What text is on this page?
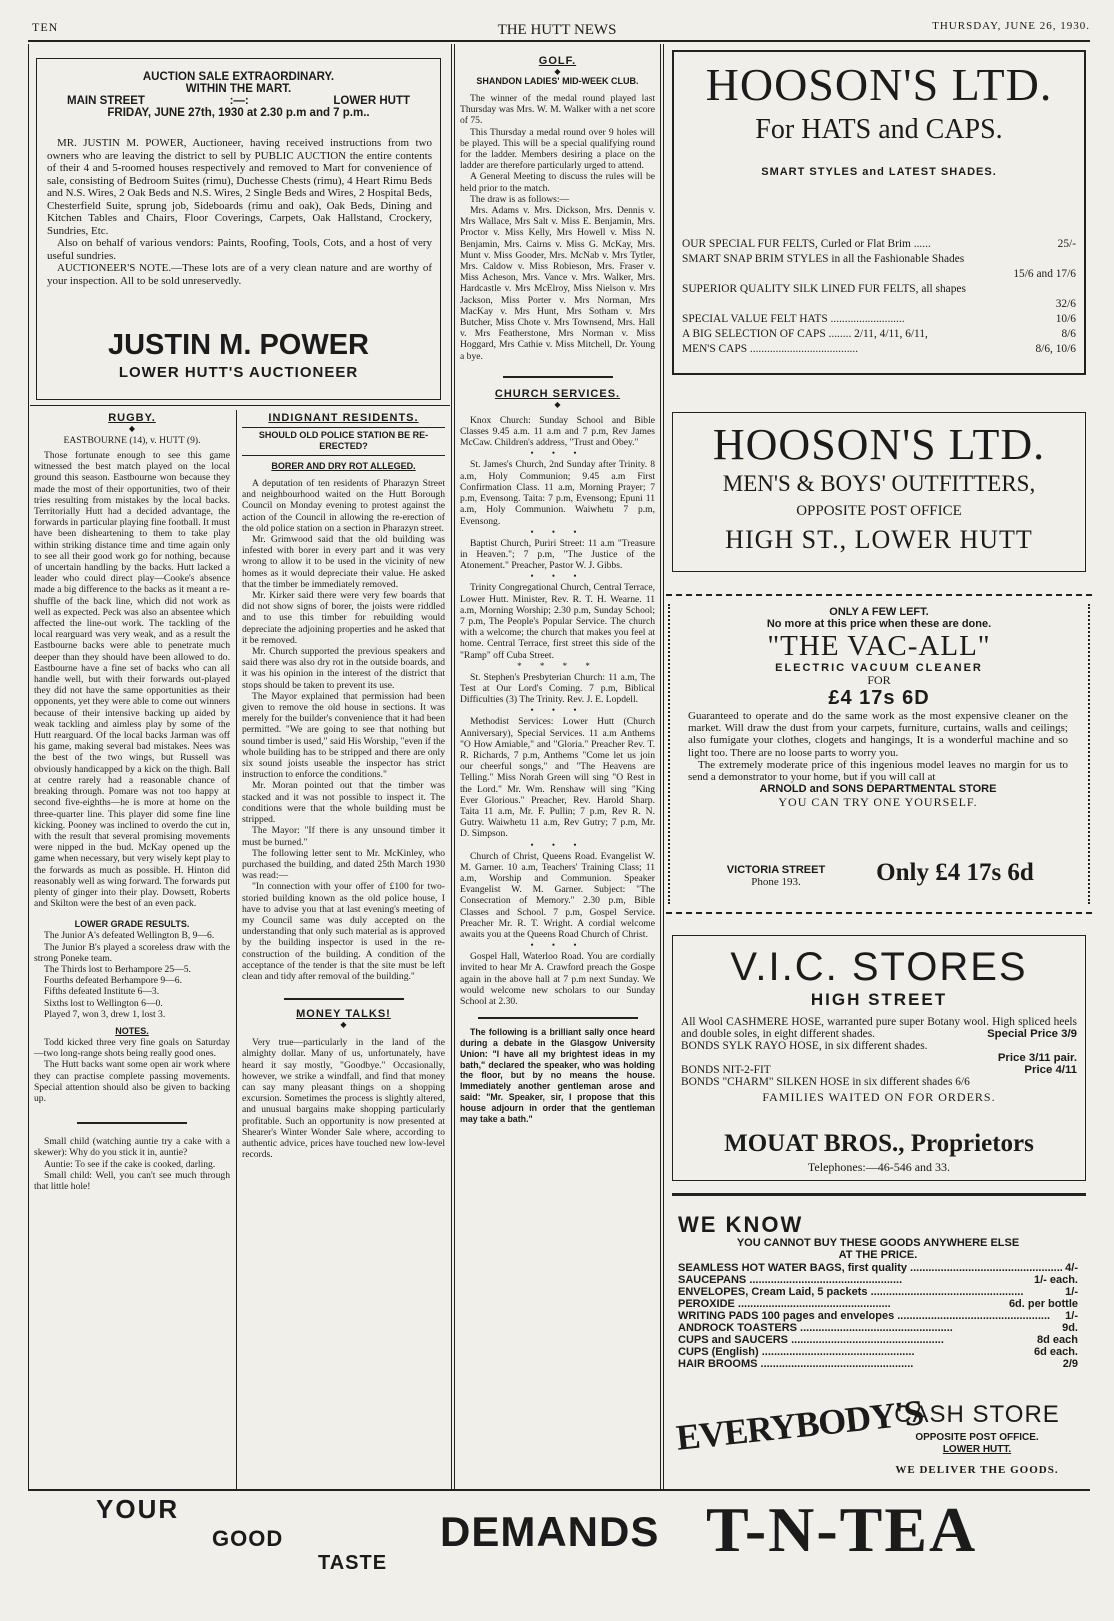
TEN	THE HUTT NEWS	THURSDAY, JUNE 26, 1930.
AUCTION SALE EXTRAORDINARY.
WITHIN THE MART.
MAIN STREET	:—:	LOWER HUTT
FRIDAY, JUNE 27th, 1930 at 2.30 p.m and 7 p.m..

MR. JUSTIN M. POWER, Auctioneer, having received instructions from two owners who are leaving the district to sell by PUBLIC AUCTION the entire contents of their 4 and 5-roomed houses respectively and removed to Mart for convenience of sale, consisting of Bedroom Suites (rimu), Duchesse Chests (rimu), 4 Heart Rimu Beds and N.S. Wires, 2 Oak Beds and N.S. Wires, 2 Single Beds and Wires, 2 Hospital Beds, Chesterfield Suite, sprung job, Sideboards (rimu and oak), Oak Beds, Dining and Kitchen Tables and Chairs, Floor Coverings, Carpets, Oak Hallstand, Crockery, Sundries, Etc.

Also on behalf of various vendors: Paints, Roofing, Tools, Cots, and a host of very useful sundries.

AUCTIONEER'S NOTE.—These lots are of a very clean nature and are worthy of your inspection. All to be sold unreservedly.

JUSTIN M. POWER
LOWER HUTT'S AUCTIONEER
RUGBY.
◆
EASTBOURNE (14), v. HUTT (9).

Those fortunate enough to see this game witnessed the best match played on the local ground this season. Eastbourne won because they made the most of their opportunities, two of their tries resulting from mistakes by the local backs. Territorially Hutt had a decided advantage, the forwards in particular playing fine football. It must have been disheartening to them to take play within striking distance time and time again only to see all their good work go for nothing, because of uncertain handling by the backs. Hutt lacked a leader who could direct play—Cooke's absence made a big difference to the backs as it meant a re-shuffle of the back line, which did not work as well as expected. Peck was also an absentee which affected the line-out work. The tackling of the local rearguard was very weak, and as a result the Eastbourne backs were able to penetrate much deeper than they should have been allowed to do. Eastbourne have a fine set of backs who can all handle well, but with their forwards out-played they did not have the same opportunities as their opponents, yet they were able to come out winners because of their intensive backing up aided by weak tackling and aimless play by some of the Hutt rearguard. Of the local backs Jarman was off his game, making several bad mistakes. Nees was the best of the two wings, but Russell was obviously handicapped by a kick on the thigh. Ball at centre rarely had a reasonable chance of breaking through. Pomare was not too happy at second five-eighths—he is more at home on the three-quarter line. This player did some fine line kicking. Pooney was inclined to overdo the cut in, with the result that several promising movements were nipped in the bud. McKay opened up the game when necessary, but very wisely kept play to the forwards as much as possible. H. Hinton did reasonably well as wing forward. The forwards put plenty of ginger into their play. Dowsett, Roberts and Skilton were the best of an even pack.

LOWER GRADE RESULTS.

The Junior A's defeated Wellington B, 9—6.

The Junior B's played a scoreless draw with the strong Poneke team.

The Thirds lost to Berhampore 25—5.

Fourths defeated Berhampore 9—6.

Fifths defeated Institute 6—3.

Sixths lost to Wellington 6—0.

Played 7, won 3, drew 1, lost 3.

NOTES.

Todd kicked three very fine goals on Saturday—two long-range shots being really good ones.

The Hutt backs want some open air work where they can practise complete passing movements. Special attention should also be given to backing up.

Small child (watching auntie try a cake with a skewer): Why do you stick it in, auntie?

Auntie: To see if the cake is cooked, darling.

Small child: Well, you can't see much through that little hole!

INDIGNANT RESIDENTS.
SHOULD OLD POLICE STATION BE RE-ERECTED?
BORER AND DRY ROT ALLEGED.

A deputation of ten residents of Pharazyn Street and neighbourhood waited on the Hutt Borough Council on Monday evening to protest against the action of the Council in allowing the re-erection of the old police station on a section in Pharazyn street.

Mr. Grimwood said that the old building was infested with borer in every part and it was very wrong to allow it to be used in the vicinity of new homes as it would depreciate their value. He asked that the timber be immediately removed.

Mr. Kirker said there were very few boards that did not show signs of borer, the joists were riddled and to use this timber for rebuilding would depreciate the adjoining properties and he asked that it be removed.

Mr. Church supported the previous speakers and said there was also dry rot in the outside boards, and it was his opinion in the interest of the district that stops should be taken to prevent its use.

The Mayor explained that permission had been given to remove the old house in sections. It was merely for the builder's convenience that it had been permitted. "We are going to see that nothing but sound timber is used," said His Worship, "even if the whole building has to be stripped and there are only six sound joists useable the inspector has strict instruction to enforce the conditions."

Mr. Moran pointed out that the timber was stacked and it was not possible to inspect it. The conditions were that the whole building must be stripped.

The Mayor: "If there is any unsound timber it must be burned."

The following letter sent to Mr. McKinley, who purchased the building, and dated 25th March 1930 was read:—

"In connection with your offer of £100 for two-storied building known as the old police house, I have to advise you that at last evening's meeting of my Council same was duly accepted on the understanding that only such material as is approved by the building inspector is used in the re-construction of the building. A condition of the acceptance of the tender is that the site must be left clean and tidy after removal of the building."

MONEY TALKS!
◆

Very true—particularly in the land of the almighty dollar. Many of us, unfortunately, have heard it say mostly, "Goodbye." Occasionally, however, we strike a windfall, and find that money can say many pleasant things on a shopping excursion. Sometimes the process is slightly altered, and unusual bargains make shopping particularly profitable. Such an opportunity is now presented at Shearer's Winter Wonder Sale where, according to authentic advice, prices have touched new low-level records.

GOLF.
◆
SHANDON LADIES' MID-WEEK CLUB.

The winner of the medal round played last Thursday was Mrs. W. M. Walker with a net score of 75.

This Thursday a medal round over 9 holes will be played. This will be a special qualifying round for the ladder. Members desiring a place on the ladder are therefore particularly urged to attend.

A General Meeting to discuss the rules will be held prior to the match.

The draw is as follows:—

Mrs. Adams v. Mrs. Dickson, Mrs. Dennis v. Mrs Wallace, Mrs Salt v. Miss E. Benjamin, Mrs. Proctor v. Miss Kelly, Mrs Howell v. Miss N. Benjamin, Mrs. Cairns v. Miss G. McKay, Mrs. Munt v. Miss Gooder, Mrs. McNab v. Mrs Tytler, Mrs. Caldow v. Miss Robieson, Mrs. Fraser v. Miss Acheson, Mrs. Vance v. Mrs. Walker, Mrs. Hardcastle v. Mrs McElroy, Miss Nielson v. Mrs Jackson, Miss Porter v. Mrs Norman, Mrs MacKay v. Mrs Hunt, Mrs Sotham v. Mrs Butcher, Miss Chote v. Mrs Townsend, Mrs. Hall v. Mrs Featherstone, Mrs Norman v. Miss Hoggard, Mrs Cathie v. Miss Mitchell, Dr. Young a bye.

CHURCH SERVICES.
◆

Knox Church: Sunday School and Bible Classes 9.45 a.m. 11 a.m and 7 p.m, Rev James McCaw. Children's address, "Trust and Obey."

• • •

St. James's Church, 2nd Sunday after Trinity. 8 a.m, Holy Communion; 9.45 a.m First Confirmation Class. 11 a.m, Morning Prayer; 7 p.m, Evensong. Taita: 7 p.m, Evensong; Epuni 11 a.m, Holy Communion. Waiwhetu 7 p.m, Evensong.

• • •

Baptist Church, Puriri Street: 11 a.m "Treasure in Heaven."; 7 p.m, "The Justice of the Atonement." Preacher, Pastor W. J. Gibbs.

• • •

Trinity Congregational Church, Central Terrace, Lower Hutt. Minister, Rev. R. T. H. Wearne. 11 a.m, Morning Worship; 2.30 p.m, Sunday School; 7 p.m, The People's Popular Service. The church with a welcome; the church that makes you feel at home. Central Terrace, first street this side of the "Ramp" off Cuba Street.

* * * *

St. Stephen's Presbyterian Church: 11 a.m, The Test at Our Lord's Coming. 7 p.m, Biblical Difficulties (3) The Trinity. Rev. J. E. Lopdell.

• • •

Methodist Services: Lower Hutt (Church Anniversary), Special Services. 11 a.m Anthems "O How Amiable," and "Gloria." Preacher Rev. T. R. Richards, 7 p.m, Anthems "Come let us join our cheerful songs," and "The Heavens are Telling." Miss Norah Green will sing "O Rest in the Lord." Mr. Wm. Renshaw will sing "King Ever Glorious." Preacher, Rev. Harold Sharp. Taita 11 a.m, Mr. F. Pullin; 7 p.m, Rev R. N. Gutry. Waiwhetu 11 a.m, Rev Gutry; 7 p.m, Mr. D. Simpson.

• • •

Church of Christ, Queens Road. Evangelist W. M. Garner. 10 a.m, Teachers' Training Class; 11 a.m, Worship and Communion. Speaker Evangelist W. M. Garner. Subject: "The Consecration of Memory." 2.30 p.m, Bible Classes and School. 7 p.m, Gospel Service. Preacher Mr. R. T. Wright. A cordial welcome awaits you at the Queens Road Church of Christ.

• • •

Gospel Hall, Waterloo Road. You are cordially invited to hear Mr A. Crawford preach the Gospe again in the above hall at 7 p.m next Sunday. We would welcome new scholars to our Sunday School at 2.30.

The following is a brilliant sally once heard during a debate in the Glasgow University Union: "I have all my brightest ideas in my bath," declared the speaker, who was holding the floor, but by no means the house. Immediately another gentleman arose and said: "Mr. Speaker, sir, I propose that this house adjourn in order that the gentleman may take a bath."

HOOSON'S LTD.
For HATS and CAPS.
SMART STYLES and LATEST SHADES.
OUR SPECIAL FUR FELTS, Curled or Flat Brim ......	25/-
SMART SNAP BRIM STYLES in all the Fashionable Shades
15/6 and 17/6
SUPERIOR QUALITY SILK LINED FUR FELTS, all shapes
32/6
SPECIAL VALUE FELT HATS ..........................	10/6
A BIG SELECTION OF CAPS ........ 2/11, 4/11, 6/11,	8/6
MEN'S CAPS ......................................	8/6, 10/6
HOOSON'S LTD.
MEN'S & BOYS' OUTFITTERS,
OPPOSITE POST OFFICE
HIGH ST., LOWER HUTT
ONLY A FEW LEFT.
No more at this price when these are done.
"THE VAC-ALL"
ELECTRIC VACUUM CLEANER
FOR
£4 17s 6D

Guaranteed to operate and do the same work as the most expensive cleaner on the market. Will draw the dust from your carpets, furniture, curtains, walls and ceilings; also fumigate your clothes, clogets and hangings, It is a wonderful machine and so light too. There are no loose parts to worry you.

The extremely moderate price of this ingenious model leaves no margin for us to send a demonstrator to your home, but if you will call at

ARNOLD and SONS DEPARTMENTAL STORE
YOU CAN TRY ONE YOURSELF.
VICTORIA STREET
Phone 193.	Only £4 17s 6d
V.I.C. STORES
HIGH STREET
All Wool CASHMERE HOSE, warranted pure super Botany wool. High spliced heels and double soles, in eight different shades.	Special Price 3/9
BONDS SYLK RAYO HOSE, in six different shades.
Price 3/11 pair.
BONDS NIT-2-FIT	Price 4/11
BONDS "CHARM" SILKEN HOSE in six different shades 6/6
FAMILIES WAITED ON FOR ORDERS.
MOUAT BROS., Proprietors
Telephones:—46-546 and 33.
WE KNOW
YOU CANNOT BUY THESE GOODS ANYWHERE ELSE
AT THE PRICE.
SEAMLESS HOT WATER BAGS, first quality .....	4/-
SAUCEPANS .....	1/- each.
ENVELOPES, Cream Laid, 5 packets .....	1/-
PEROXIDE .....	6d. per bottle
WRITING PADS 100 pages and envelopes .....	1/-
ANDROCK TOASTERS .....	9d.
CUPS and SAUCERS .....	8d each
CUPS (English) .....	6d each.
HAIR BROOMS .....	2/9
EVERYBODY'S
CASH STORE
OPPOSITE POST OFFICE.
LOWER HUTT.
WE DELIVER THE GOODS.
YOUR
GOOD
TASTE
DEMANDS T-N-TEA
